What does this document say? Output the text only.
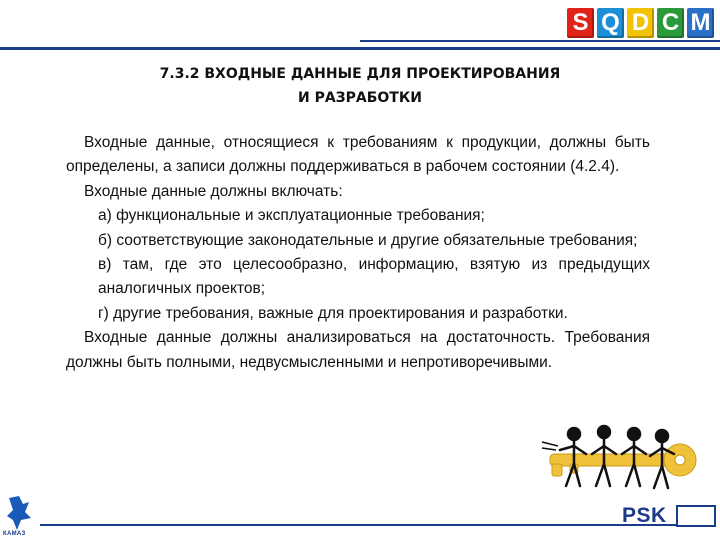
S Q D C M
7.3.2 ВХОДНЫЕ ДАННЫЕ ДЛЯ ПРОЕКТИРОВАНИЯ
И РАЗРАБОТКИ

Входные данные, относящиеся к требованиям к продукции, должны быть определены, а записи должны поддерживаться в рабочем состоянии (4.2.4).

Входные данные должны включать:

а) функциональные и эксплуатационные требования;

б) соответствующие законодательные и другие обязательные требования;

в) там, где это целесообразно, информацию, взятую из предыдущих аналогичных проектов;

г) другие требования, важные для проектирования и разработки.

Входные данные должны анализироваться на достаточность. Требования должны быть полными, недвусмысленными и непротиворечивыми.

КАМАЗ
PSK
